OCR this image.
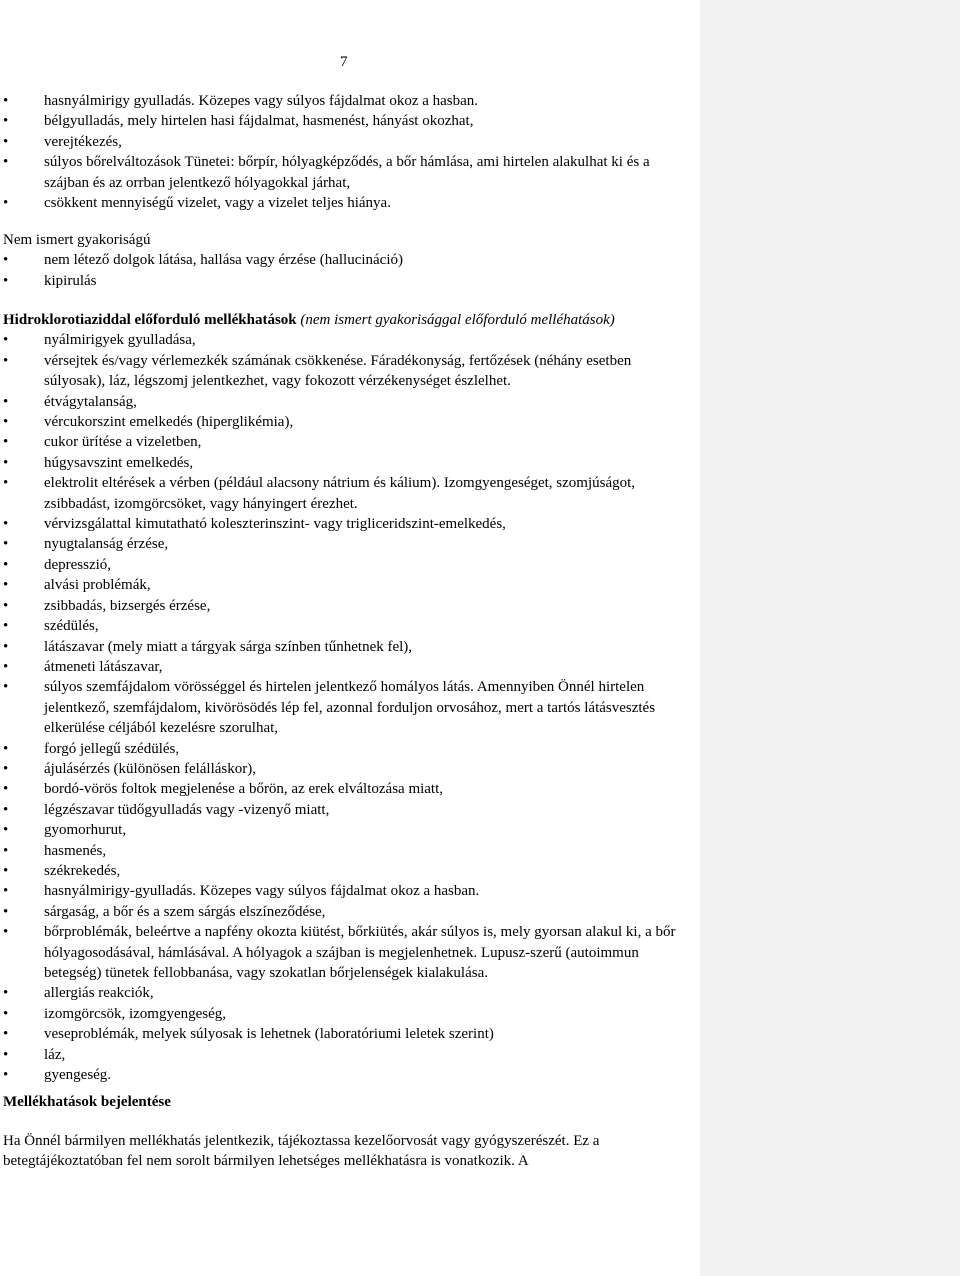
7
• hasnyálmirigy gyulladás. Közepes vagy súlyos fájdalmat okoz a hasban.
• bélgyulladás, mely hirtelen hasi fájdalmat, hasmenést, hányást okozhat,
• verejtékezés,
• súlyos bőrelváltozások Tünetei: bőrpír, hólyagképződés, a bőr hámlása, ami hirtelen alakulhat ki és a szájban és az orrban jelentkező hólyagokkal járhat,
• csökkent mennyiségű vizelet, vagy a vizelet teljes hiánya.

Nem ismert gyakoriságú

• nem létező dolgok látása, hallása vagy érzése (hallucináció)
• kipirulás

Hidroklorotiaziddal előforduló mellékhatások (nem ismert gyakorisággal előforduló melléhatások)

• nyálmirigyek gyulladása,
• vérsejtek és/vagy vérlemezkék számának csökkenése. Fáradékonyság, fertőzések (néhány esetben súlyosak), láz, légszomj jelentkezhet, vagy fokozott vérzékenységet észlelhet.
• étvágytalanság,
• vércukorszint emelkedés (hiperglikémia),
• cukor ürítése a vizeletben,
• húgysavszint emelkedés,
• elektrolit eltérések a vérben (például alacsony nátrium és kálium). Izomgyengeséget, szomjúságot, zsibbadást, izomgörcsöket, vagy hányingert érezhet.
• vérvizsgálattal kimutatható koleszterinszint- vagy trigliceridszint-emelkedés,
• nyugtalanság érzése,
• depresszió,
• alvási problémák,
• zsibbadás, bizsergés érzése,
• szédülés,
• látászavar (mely miatt a tárgyak sárga színben tűnhetnek fel),
• átmeneti látászavar,
• súlyos szemfájdalom vörösséggel és hirtelen jelentkező homályos látás. Amennyiben Önnél hirtelen jelentkező, szemfájdalom, kivörösödés lép fel, azonnal forduljon orvosához, mert a tartós látásvesztés elkerülése céljából kezelésre szorulhat,
• forgó jellegű szédülés,
• ájulásérzés (különösen felálláskor),
• bordó-vörös foltok megjelenése a bőrön, az erek elváltozása miatt,
• légzészavar tüdőgyulladás vagy -vizenyő miatt,
• gyomorhurut,
• hasmenés,
• székrekedés,
• hasnyálmirigy-gyulladás. Közepes vagy súlyos fájdalmat okoz a hasban.
• sárgaság, a bőr és a szem sárgás elszíneződése,
• bőrproblémák, beleértve a napfény okozta kiütést, bőrkiütés, akár súlyos is, mely gyorsan alakul ki, a bőr hólyagosodásával, hámlásával. A hólyagok a szájban is megjelenhetnek. Lupusz-szerű (autoimmun betegség) tünetek fellobbanása, vagy szokatlan bőrjelenségek kialakulása.
• allergiás reakciók,
• izomgörcsök, izomgyengeség,
• veseproblémák, melyek súlyosak is lehetnek (laboratóriumi leletek szerint)
• láz,
• gyengeség.

Mellékhatások bejelentése

Ha Önnél bármilyen mellékhatás jelentkezik, tájékoztassa kezelőorvosát vagy gyógyszerészét. Ez a betegtájékoztatóban fel nem sorolt bármilyen lehetséges mellékhatásra is vonatkozik. A
